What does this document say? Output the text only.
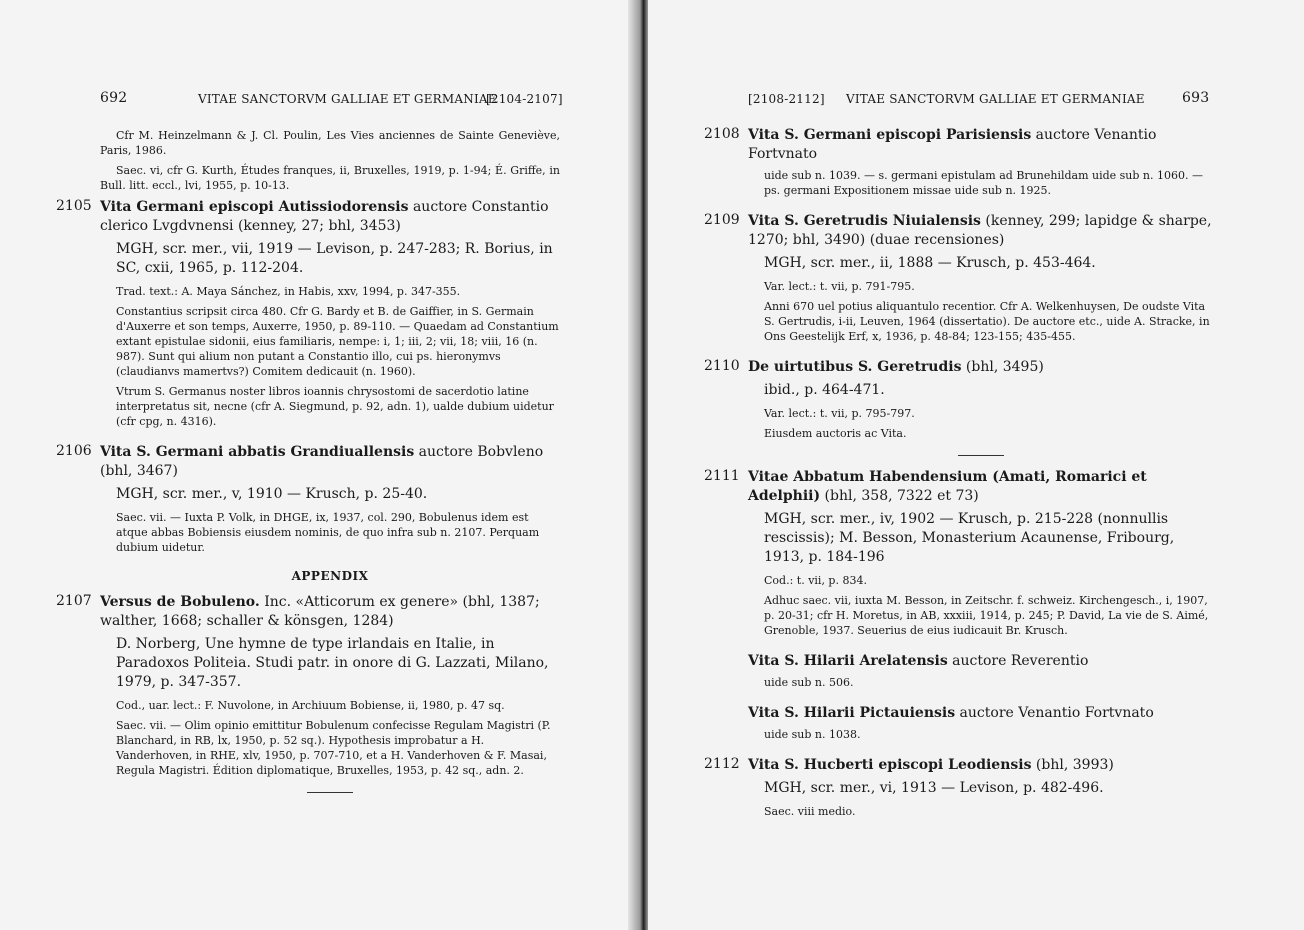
692	VITAE SANCTORVM GALLIAE ET GERMANIAE
[2104-2107]
Cfr M. Heinzelmann & J. Cl. Poulin, Les Vies anciennes de Sainte Geneviève, Paris, 1986.
Saec. vi, cfr G. Kurth, Études franques, ii, Bruxelles, 1919, p. 1-94; É. Griffe, in Bull. litt. eccl., lvi, 1955, p. 10-13.
2105 Vita Germani episcopi Autissiodorensis auctore Constantio clerico Lvgdvnensi (kenney, 27; bhl, 3453)
MGH, scr. mer., vii, 1919 — Levison, p. 247-283; R. Borius, in SC, cxii, 1965, p. 112-204.
Trad. text.: A. Maya Sánchez, in Habis, xxv, 1994, p. 347-355.
Constantius scripsit circa 480. Cfr G. Bardy et B. de Gaiffier, in S. Germain d'Auxerre et son temps, Auxerre, 1950, p. 89-110. — Quaedam ad Constantium extant epistulae sidonii, eius familiaris, nempe: i, 1; iii, 2; vii, 18; viii, 16 (n. 987). Sunt qui alium non putant a Constantio illo, cui ps. hieronymvs (claudianvs mamertvs?) Comitem dedicauit (n. 1960).
Vtrum S. Germanus noster libros ioannis chrysostomi de sacerdotio latine interpretatus sit, necne (cfr A. Siegmund, p. 92, adn. 1), ualde dubium uidetur (cfr cpg, n. 4316).
2106 Vita S. Germani abbatis Grandiuallensis auctore Bobvleno (bhl, 3467)
MGH, scr. mer., v, 1910 — Krusch, p. 25-40.
Saec. vii. — Iuxta P. Volk, in DHGE, ix, 1937, col. 290, Bobulenus idem est atque abbas Bobiensis eiusdem nominis, de quo infra sub n. 2107. Perquam dubium uidetur.
APPENDIX
2107 Versus de Bobuleno. Inc. «Atticorum ex genere» (bhl, 1387; walther, 1668; schaller & könsgen, 1284)
D. Norberg, Une hymne de type irlandais en Italie, in Paradoxos Politeia. Studi patr. in onore di G. Lazzati, Milano, 1979, p. 347-357.
Cod., uar. lect.: F. Nuvolone, in Archiuum Bobiense, ii, 1980, p. 47 sq.
Saec. vii. — Olim opinio emittitur Bobulenum confecisse Regulam Magistri (P. Blanchard, in RB, lx, 1950, p. 52 sq.). Hypothesis improbatur a H. Vanderhoven, in RHE, xlv, 1950, p. 707-710, et a H. Vanderhoven & F. Masai, Regula Magistri. Édition diplomatique, Bruxelles, 1953, p. 42 sq., adn. 2.
[2108-2112] VITAE SANCTORVM GALLIAE ET GERMANIAE	693
2108 Vita S. Germani episcopi Parisiensis auctore Venantio Fortvnato
uide sub n. 1039. — s. germani epistulam ad Brunehildam uide sub n. 1060. — ps. germani Expositionem missae uide sub n. 1925.
2109 Vita S. Geretrudis Niuialensis (kenney, 299; lapidge & sharpe, 1270; bhl, 3490) (duae recensiones)
MGH, scr. mer., ii, 1888 — Krusch, p. 453-464.
Var. lect.: t. vii, p. 791-795.
Anni 670 uel potius aliquantulo recentior. Cfr A. Welkenhuysen, De oudste Vita S. Gertrudis, i-ii, Leuven, 1964 (dissertatio). De auctore etc., uide A. Stracke, in Ons Geestelijk Erf, x, 1936, p. 48-84; 123-155; 435-455.
2110 De uirtutibus S. Geretrudis (bhl, 3495)
ibid., p. 464-471.
Var. lect.: t. vii, p. 795-797.
Eiusdem auctoris ac Vita.
2111 Vitae Abbatum Habendensium (Amati, Romarici et Adelphii) (bhl, 358, 7322 et 73)
MGH, scr. mer., iv, 1902 — Krusch, p. 215-228 (nonnullis rescissis); M. Besson, Monasterium Acaunense, Fribourg, 1913, p. 184-196
Cod.: t. vii, p. 834.
Adhuc saec. vii, iuxta M. Besson, in Zeitschr. f. schweiz. Kirchengesch., i, 1907, p. 20-31; cfr H. Moretus, in AB, xxxiii, 1914, p. 245; P. David, La vie de S. Aimé, Grenoble, 1937. Seuerius de eius iudicauit Br. Krusch.
Vita S. Hilarii Arelatensis auctore Reverentio
uide sub n. 506.
Vita S. Hilarii Pictauiensis auctore Venantio Fortvnato
uide sub n. 1038.
2112 Vita S. Hucberti episcopi Leodiensis (bhl, 3993)
MGH, scr. mer., vi, 1913 — Levison, p. 482-496.
Saec. viii medio.
